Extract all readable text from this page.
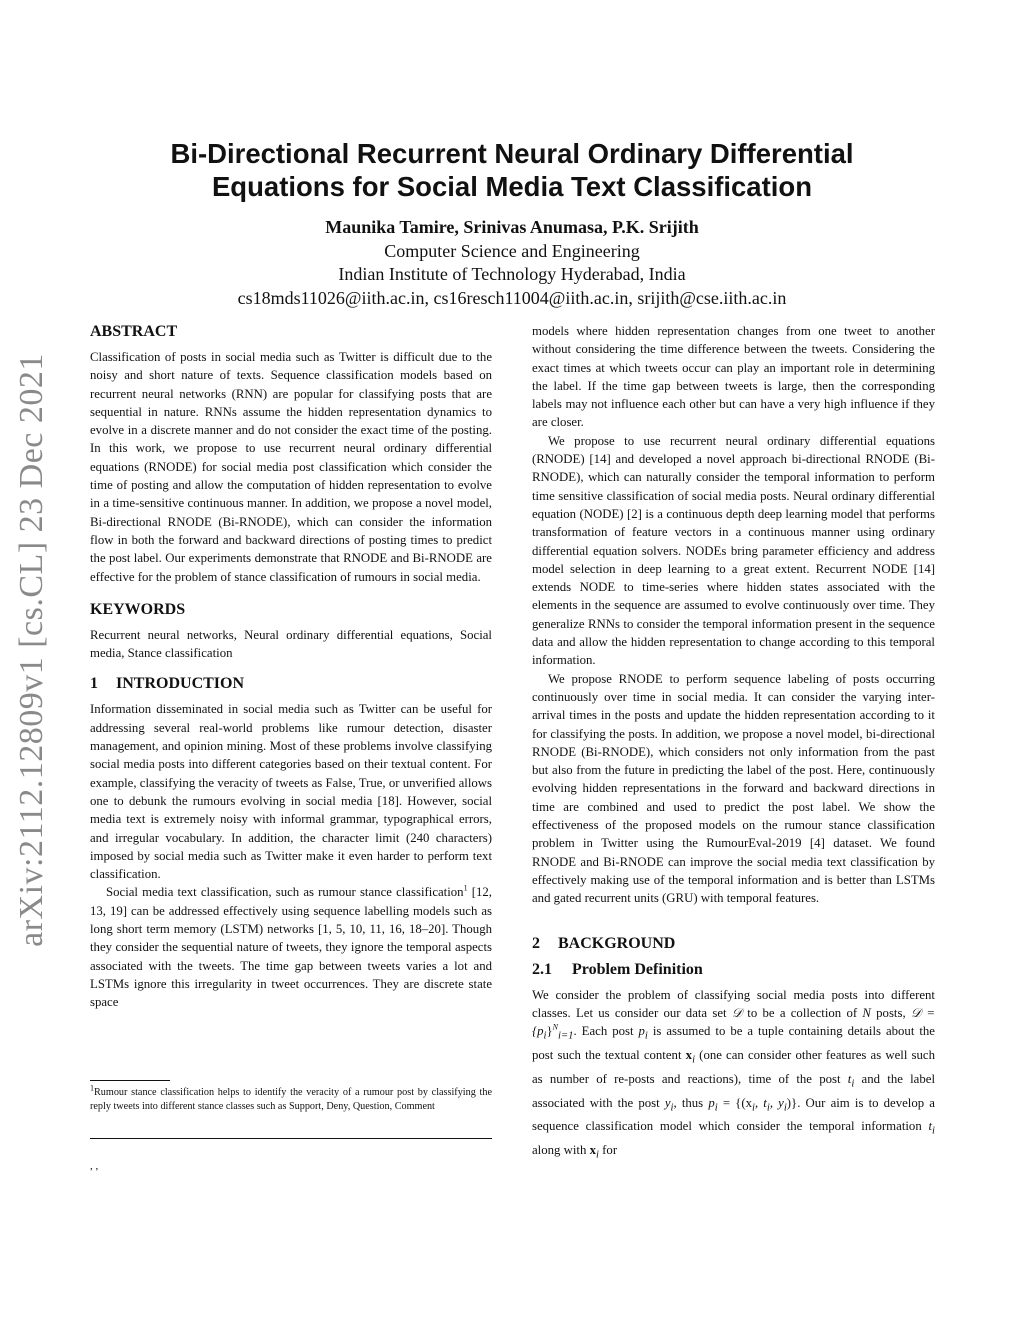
arXiv:2112.12809v1 [cs.CL] 23 Dec 2021
Bi-Directional Recurrent Neural Ordinary Differential
Equations for Social Media Text Classification
Maunika Tamire, Srinivas Anumasa, P.K. Srijith
Computer Science and Engineering
Indian Institute of Technology Hyderabad, India
cs18mds11026@iith.ac.in, cs16resch11004@iith.ac.in, srijith@cse.iith.ac.in
ABSTRACT

Classification of posts in social media such as Twitter is difficult due to the noisy and short nature of texts. Sequence classification models based on recurrent neural networks (RNN) are popular for classifying posts that are sequential in nature. RNNs assume the hidden representation dynamics to evolve in a discrete manner and do not consider the exact time of the posting. In this work, we propose to use recurrent neural ordinary differential equations (RNODE) for social media post classification which consider the time of posting and allow the computation of hidden representation to evolve in a time-sensitive continuous manner. In addition, we propose a novel model, Bi-directional RNODE (Bi-RNODE), which can consider the information flow in both the forward and backward directions of posting times to predict the post label. Our experiments demonstrate that RNODE and Bi-RNODE are effective for the problem of stance classification of rumours in social media.

KEYWORDS

Recurrent neural networks, Neural ordinary differential equations, Social media, Stance classification

1 INTRODUCTION

Information disseminated in social media such as Twitter can be useful for addressing several real-world problems like rumour detection, disaster management, and opinion mining. Most of these problems involve classifying social media posts into different categories based on their textual content. For example, classifying the veracity of tweets as False, True, or unverified allows one to debunk the rumours evolving in social media [18]. However, social media text is extremely noisy with informal grammar, typographical errors, and irregular vocabulary. In addition, the character limit (240 characters) imposed by social media such as Twitter make it even harder to perform text classification.

Social media text classification, such as rumour stance classification$^1$ [12, 13, 19] can be addressed effectively using sequence labelling models such as long short term memory (LSTM) networks [1, 5, 10, 11, 16, 18–20]. Though they consider the sequential nature of tweets, they ignore the temporal aspects associated with the tweets. The time gap between tweets varies a lot and LSTMs ignore this irregularity in tweet occurrences. They are discrete state space

$^1$Rumour stance classification helps to identify the veracity of a rumour post by classifying the reply tweets into different stance classes such as Support, Deny, Question, Comment
, ,

models where hidden representation changes from one tweet to another without considering the time difference between the tweets. Considering the exact times at which tweets occur can play an important role in determining the label. If the time gap between tweets is large, then the corresponding labels may not influence each other but can have a very high influence if they are closer.

We propose to use recurrent neural ordinary differential equations (RNODE) [14] and developed a novel approach bi-directional RNODE (Bi-RNODE), which can naturally consider the temporal information to perform time sensitive classification of social media posts. Neural ordinary differential equation (NODE) [2] is a continuous depth deep learning model that performs transformation of feature vectors in a continuous manner using ordinary differential equation solvers. NODEs bring parameter efficiency and address model selection in deep learning to a great extent. Recurrent NODE [14] extends NODE to time-series where hidden states associated with the elements in the sequence are assumed to evolve continuously over time. They generalize RNNs to consider the temporal information present in the sequence data and allow the hidden representation to change according to this temporal information.

We propose RNODE to perform sequence labeling of posts occurring continuously over time in social media. It can consider the varying inter-arrival times in the posts and update the hidden representation according to it for classifying the posts. In addition, we propose a novel model, bi-directional RNODE (Bi-RNODE), which considers not only information from the past but also from the future in predicting the label of the post. Here, continuously evolving hidden representations in the forward and backward directions in time are combined and used to predict the post label. We show the effectiveness of the proposed models on the rumour stance classification problem in Twitter using the RumourEval-2019 [4] dataset. We found RNODE and Bi-RNODE can improve the social media text classification by effectively making use of the temporal information and is better than LSTMs and gated recurrent units (GRU) with temporal features.

2 BACKGROUND
2.1 Problem Definition

We consider the problem of classifying social media posts into different classes. Let us consider our data set 𝒟 to be a collection of N posts, 𝒟 = $\{p_i\}^N_{i=1}$. Each post $p_i$ is assumed to be a tuple containing details about the post such the textual content $x_i$ (one can consider other features as well such as number of re-posts and reactions), time of the post $t_i$ and the label associated with the post $y_i$, thus $p_i = \{(x_i$, $t_i$, $y_i$)}. Our aim is to develop a sequence classification model which consider the temporal information $t_i$ along with $x_i$ for
